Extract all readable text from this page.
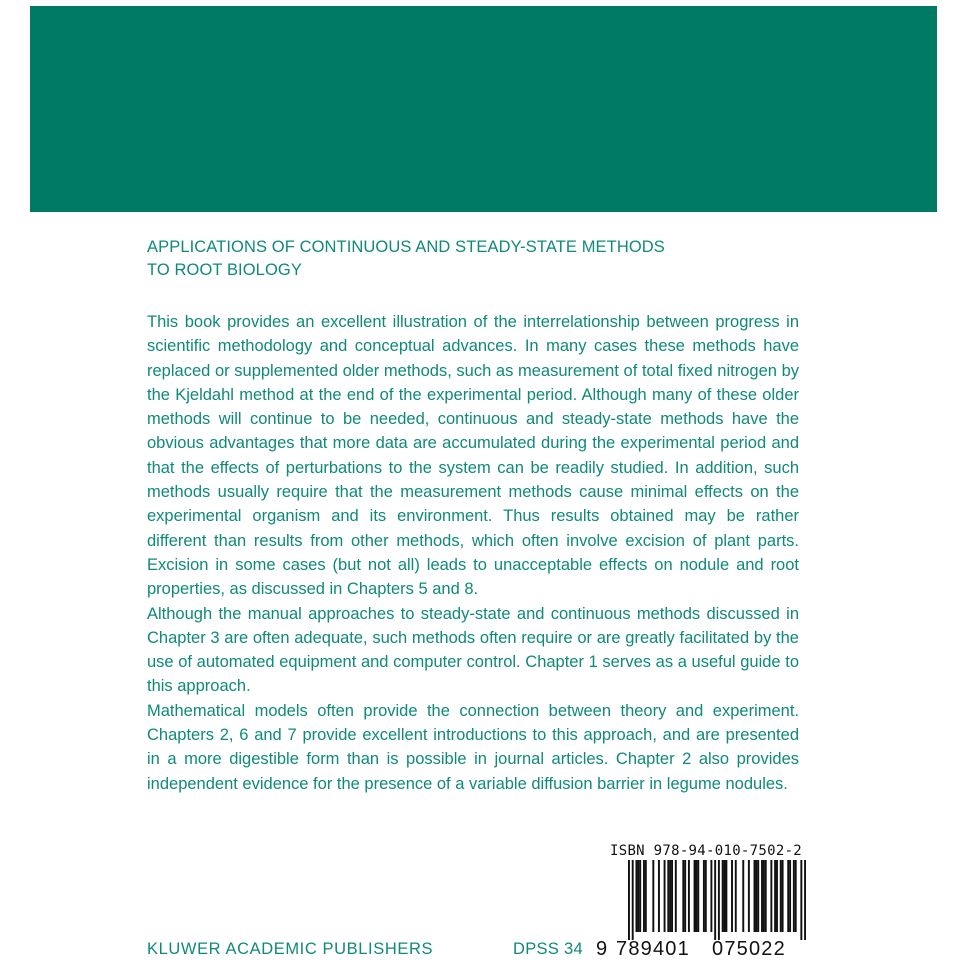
APPLICATIONS OF CONTINUOUS AND STEADY-STATE METHODS
TO ROOT BIOLOGY

This book provides an excellent illustration of the interrelationship between progress in scientific methodology and conceptual advances. In many cases these methods have replaced or supplemented older methods, such as measurement of total fixed nitrogen by the Kjeldahl method at the end of the experimental period. Although many of these older methods will continue to be needed, continuous and steady-state methods have the obvious advantages that more data are accumulated during the experimental period and that the effects of perturbations to the system can be readily studied. In addition, such methods usually require that the measurement methods cause minimal effects on the experimental organism and its environment. Thus results obtained may be rather different than results from other methods, which often involve excision of plant parts. Excision in some cases (but not all) leads to unacceptable effects on nodule and root properties, as discussed in Chapters 5 and 8.

Although the manual approaches to steady-state and continuous methods discussed in Chapter 3 are often adequate, such methods often require or are greatly facilitated by the use of automated equipment and computer control. Chapter 1 serves as a useful guide to this approach.

Mathematical models often provide the connection between theory and experiment. Chapters 2, 6 and 7 provide excellent introductions to this approach, and are presented in a more digestible form than is possible in journal articles. Chapter 2 also provides independent evidence for the presence of a variable diffusion barrier in legume nodules.

ISBN 978-94-010-7502-2
9 789401 075022
KLUWER ACADEMIC PUBLISHERS	DPSS 34
